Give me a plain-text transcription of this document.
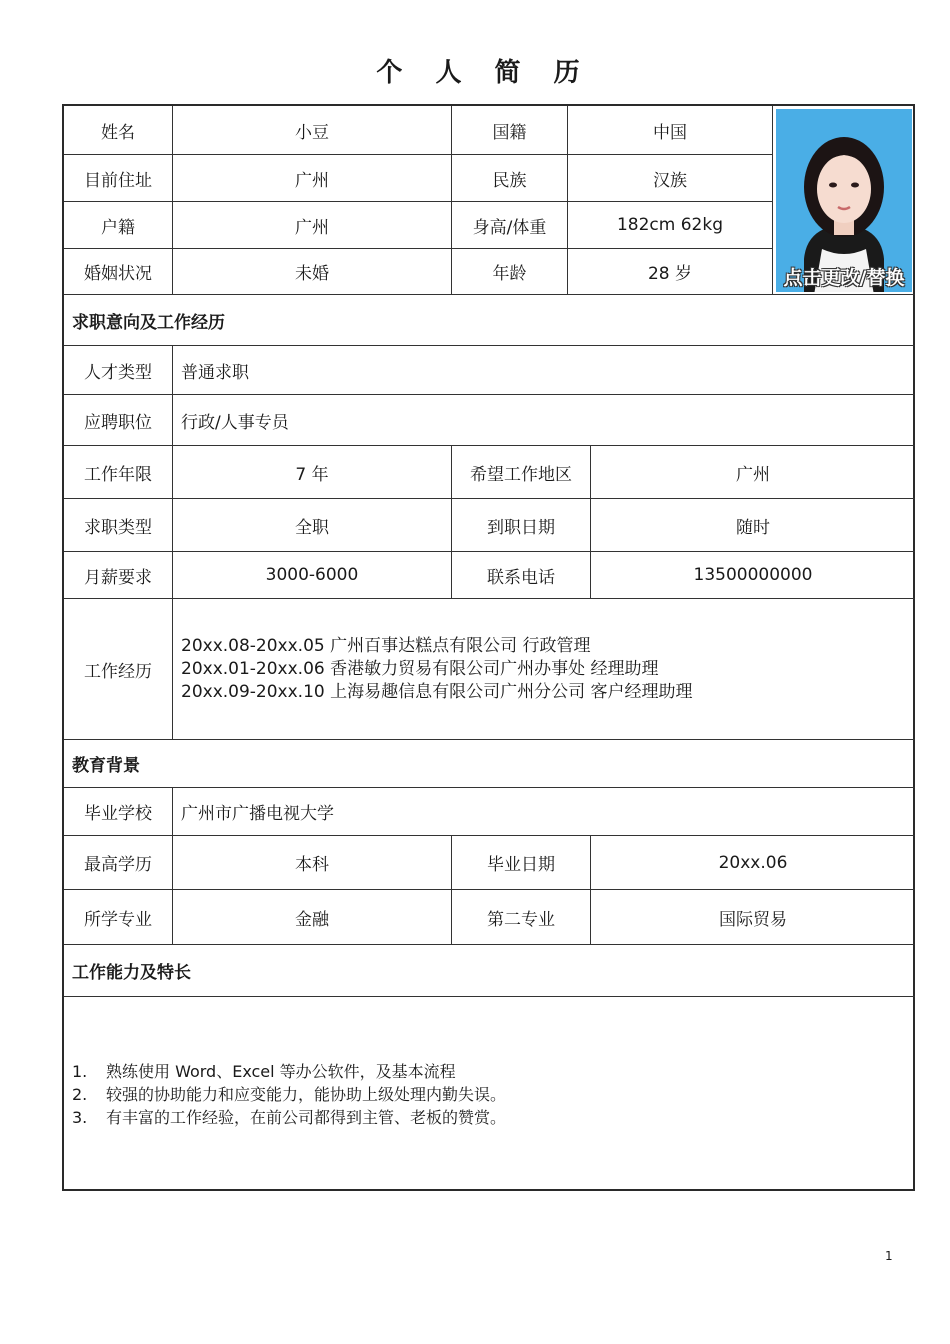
个 人 简 历
姓名	小豆	国籍	中国
目前住址	广州	民族	汉族
户籍	广州	身高/体重	182cm 62kg
婚姻状况	未婚	年龄	28 岁	点击更改/替换
求职意向及工作经历
人才类型	普通求职
应聘职位	行政/人事专员
工作年限	7 年	希望工作地区	广州
求职类型	全职	到职日期	随时
月薪要求	3000-6000	联系电话	13500000000
工作经历
20xx.08-20xx.05 广州百事达糕点有限公司 行政管理
20xx.01-20xx.06 香港敏力贸易有限公司广州办事处 经理助理
20xx.09-20xx.10 上海易趣信息有限公司广州分公司 客户经理助理
教育背景
毕业学校	广州市广播电视大学
最高学历	本科	毕业日期	20xx.06
所学专业	金融	第二专业	国际贸易
工作能力及特长
1.	熟练使用 Word、Excel 等办公软件，及基本流程
2.	较强的协助能力和应变能力，能协助上级处理内勤失误。
3.	有丰富的工作经验，在前公司都得到主管、老板的赞赏。
1
